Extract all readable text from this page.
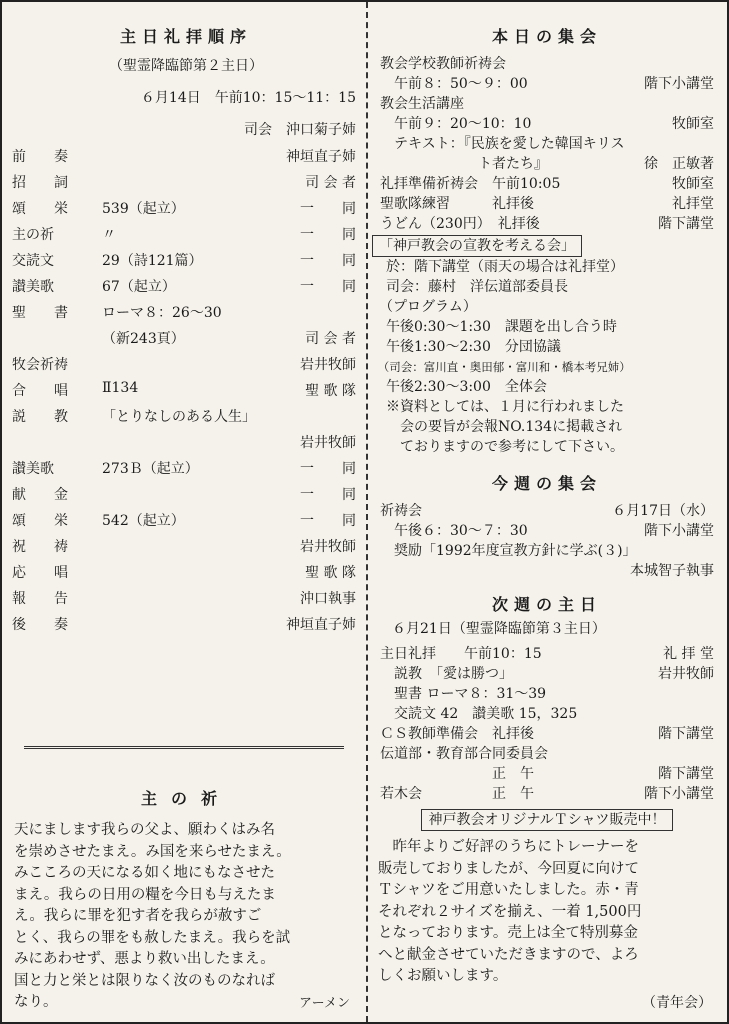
主日礼拝順序
（聖霊降臨節第２主日）
６月14日　午前10：15〜11：15
司会　沖口菊子姉
前　　奏	神垣直子姉
招　　詞	司 会 者
頌　　栄 539（起立）	一　　同
主の祈	〃	一　　同
交読文	29（詩121篇）	一　　同
讃美歌	67（起立）	一　　同
聖　　書 ローマ８：26〜30
（新243頁）	司 会 者
牧会祈祷	岩井牧師
合　　唱 Ⅱ134	聖 歌 隊
説　　教 「とりなしのある人生」
岩井牧師
讃美歌	273Ｂ（起立）	一　　同
献　　金	一　　同
頌　　栄 542（起立）	一　　同
祝　　祷	岩井牧師
応　　唱	聖 歌 隊
報　　告	沖口執事
後　　奏	神垣直子姉
主の祈
天にまします我らの父よ、願わくはみ名
を崇めさせたまえ。み国を来らせたまえ。
みこころの天になる如く地にもなさせた
まえ。我らの日用の糧を今日も与えたま
え。我らに罪を犯す者を我らが赦すご
とく、我らの罪をも赦したまえ。我らを試
みにあわせず、悪より救い出したまえ。
国と力と栄とは限りなく汝のものなれば
なり。	アーメン
本日の集会
教会学校教師祈祷会
　午前８：50〜９：00	階下小講堂
教会生活講座
　午前９：20〜10：10	牧師室
　テキスト：『民族を愛した韓国キリス
　　　　　　　ト者たち』	徐　正敏著
礼拝準備祈祷会　午前10:05	牧師室
聖歌隊練習　　　礼拝後	礼拝堂
うどん（230円）　礼拝後	階下講堂
「神戸教会の宣教を考える会」
　於：階下講堂（雨天の場合は礼拝堂）
　司会：藤村　洋伝道部委員長
　（プログラム）
　午後0:30〜1:30　課題を出し合う時
　午後1:30〜2:30　分団協議
　（司会：富川直・奥田郁・富川和・橋本考兄姉）
　午後2:30〜3:00　全体会
　※資料としては、１月に行われました
　　会の要旨が会報NO.134に掲載され
　　ておりますので参考にして下さい。
今週の集会
祈祷会	６月17日（水）
　午後６：30〜７：30	階下小講堂
　奨励「1992年度宣教方針に学ぶ(３)」
本城智子執事
次週の主日
６月21日（聖霊降臨節第３主日）
主日礼拝　　午前10：15	礼 拝 堂
　説教　「愛は勝つ」	岩井牧師
　聖書 ローマ８：31〜39
　交読文 42　讃美歌 15，325
ＣＳ教師準備会　礼拝後	階下講堂
伝道部・教育部合同委員会
　　　　　　　　正　午	階下講堂
若木会　　　　　正　午	階下小講堂
神戸教会オリジナルＴシャツ販売中！
　昨年よりご好評のうちにトレーナーを
販売しておりましたが、今回夏に向けて
Ｔシャツをご用意いたしました。赤・青
それぞれ２サイズを揃え、一着 1,500円
となっております。売上は全て特別募金
へと献金させていただきますので、よろ
しくお願いします。
（青年会）
